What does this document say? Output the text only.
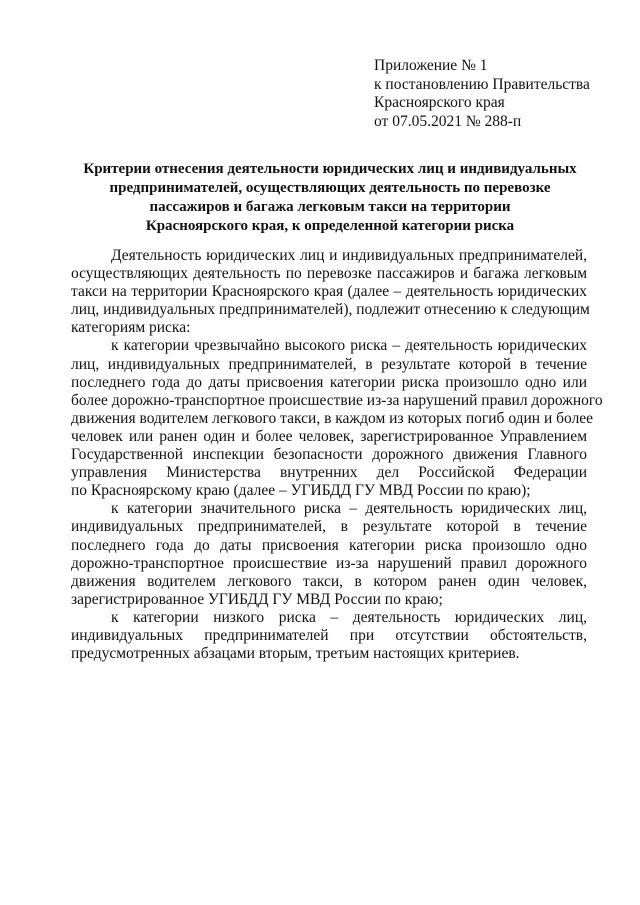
Приложение № 1
к постановлению Правительства
Красноярского края
от 07.05.2021 № 288-п
Критерии отнесения деятельности юридических лиц и индивидуальных
предпринимателей, осуществляющих деятельность по перевозке
пассажиров и багажа легковым такси на территории
Красноярского края, к определенной категории риска
Деятельность юридических лиц и индивидуальных предпринимателей,
осуществляющих деятельность по перевозке пассажиров и багажа легковым
такси на территории Красноярского края (далее – деятельность юридических
лиц, индивидуальных предпринимателей), подлежит отнесению к следующим
категориям риска:
к категории чрезвычайно высокого риска – деятельность юридических
лиц, индивидуальных предпринимателей, в результате которой в течение
последнего года до даты присвоения категории риска произошло одно или
более дорожно-транспортное происшествие из-за нарушений правил дорожного
движения водителем легкового такси, в каждом из которых погиб один и более
человек или ранен один и более человек, зарегистрированное Управлением
Государственной инспекции безопасности дорожного движения Главного
управления Министерства внутренних дел Российской Федерации
по Красноярскому краю (далее – УГИБДД ГУ МВД России по краю);
к категории значительного риска – деятельность юридических лиц,
индивидуальных предпринимателей, в результате которой в течение
последнего года до даты присвоения категории риска произошло одно
дорожно-транспортное происшествие из-за нарушений правил дорожного
движения водителем легкового такси, в котором ранен один человек,
зарегистрированное УГИБДД ГУ МВД России по краю;
к категории низкого риска – деятельность юридических лиц,
индивидуальных предпринимателей при отсутствии обстоятельств,
предусмотренных абзацами вторым, третьим настоящих критериев.
